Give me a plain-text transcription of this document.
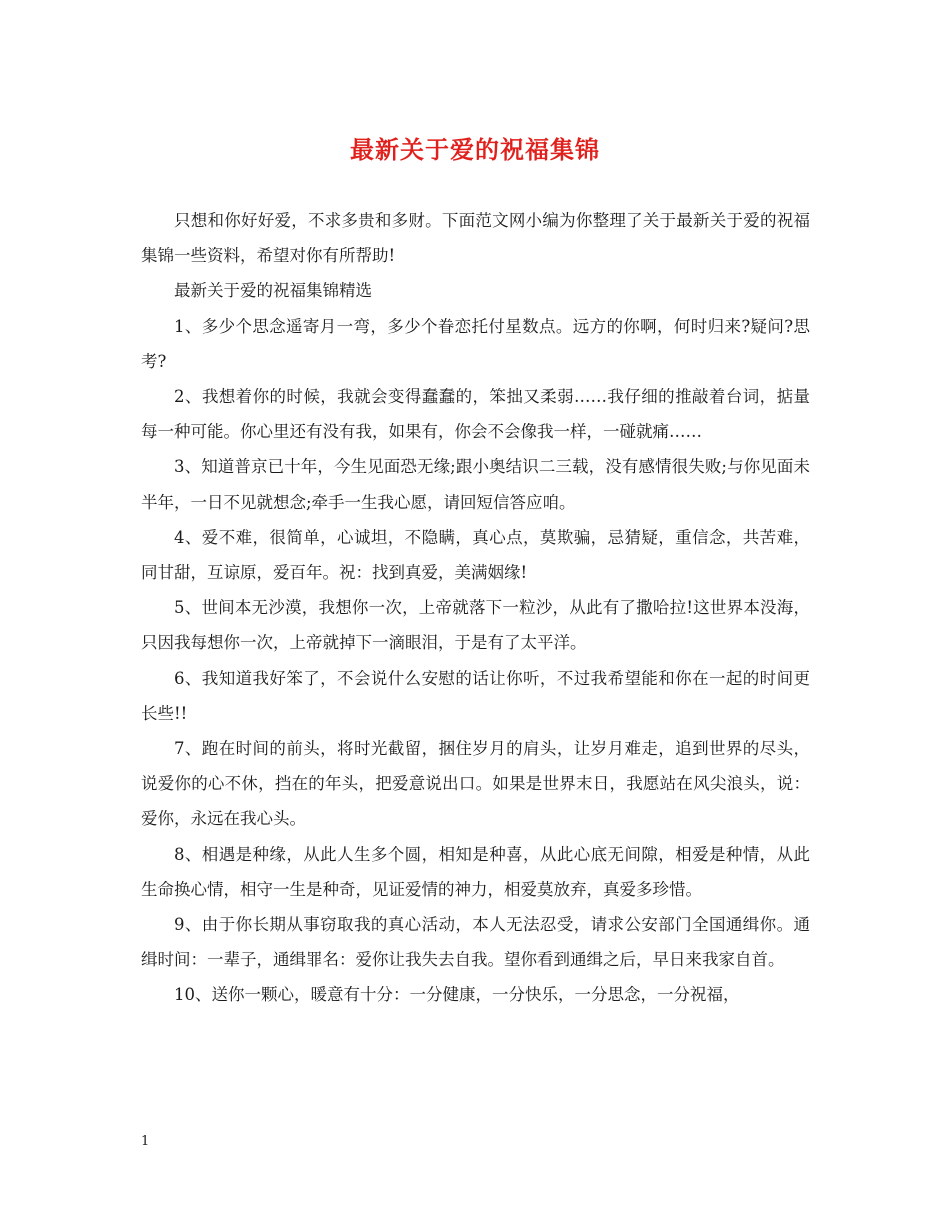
最新关于爱的祝福集锦

只想和你好好爱，不求多贵和多财。下面范文网小编为你整理了关于最新关于爱的祝福集锦一些资料，希望对你有所帮助!

最新关于爱的祝福集锦精选

1、多少个思念遥寄月一弯，多少个眷恋托付星数点。远方的你啊，何时归来?疑问?思考?

2、我想着你的时候，我就会变得蠢蠢的，笨拙又柔弱……我仔细的推敲着台词，掂量每一种可能。你心里还有没有我，如果有，你会不会像我一样，一碰就痛……

3、知道普京已十年，今生见面恐无缘;跟小奥结识二三载，没有感情很失败;与你见面未半年，一日不见就想念;牵手一生我心愿，请回短信答应咱。

4、爱不难，很简单，心诚坦，不隐瞒，真心点，莫欺骗，忌猜疑，重信念，共苦难，同甘甜，互谅原，爱百年。祝：找到真爱，美满姻缘!

5、世间本无沙漠，我想你一次，上帝就落下一粒沙，从此有了撒哈拉!这世界本没海，只因我每想你一次，上帝就掉下一滴眼泪，于是有了太平洋。

6、我知道我好笨了，不会说什么安慰的话让你听，不过我希望能和你在一起的时间更长些!!

7、跑在时间的前头，将时光截留，捆住岁月的肩头，让岁月难走，追到世界的尽头，说爱你的心不休，挡在的年头，把爱意说出口。如果是世界末日，我愿站在风尖浪头，说：爱你，永远在我心头。

8、相遇是种缘，从此人生多个圆，相知是种喜，从此心底无间隙，相爱是种情，从此生命换心情，相守一生是种奇，见证爱情的神力，相爱莫放弃，真爱多珍惜。

9、由于你长期从事窃取我的真心活动，本人无法忍受，请求公安部门全国通缉你。通缉时间：一辈子，通缉罪名：爱你让我失去自我。望你看到通缉之后，早日来我家自首。

10、送你一颗心，暖意有十分：一分健康，一分快乐，一分思念，一分祝福，

1
